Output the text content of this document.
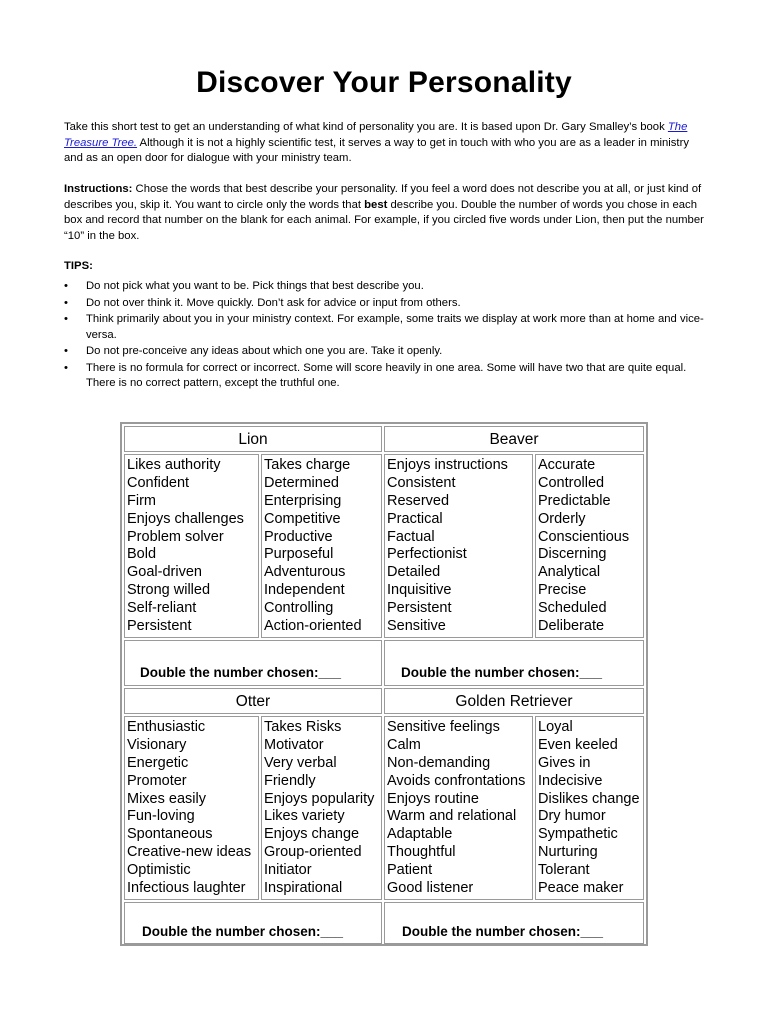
Discover Your Personality
Take this short test to get an understanding of what kind of personality you are. It is based upon Dr. Gary Smalley’s book The Treasure Tree. Although it is not a highly scientific test, it serves a way to get in touch with who you are as a leader in ministry and as an open door for dialogue with your ministry team.
Instructions: Chose the words that best describe your personality. If you feel a word does not describe you at all, or just kind of describes you, skip it. You want to circle only the words that best describe you. Double the number of words you chose in each box and record that number on the blank for each animal. For example, if you circled five words under Lion, then put the number “10” in the box.
TIPS:
• Do not pick what you want to be. Pick things that best describe you.
• Do not over think it. Move quickly. Don’t ask for advice or input from others.
• Think primarily about you in your ministry context. For example, some traits we display at work more than at home and vice-versa.
• Do not pre-conceive any ideas about which one you are. Take it openly.
• There is no formula for correct or incorrect. Some will score heavily in one area. Some will have two that are quite equal. There is no correct pattern, except the truthful one.
Lion
Likes authority
Confident
Firm
Enjoys challenges
Problem solver
Bold
Goal-driven
Strong willed
Self-reliant
Persistent
Takes charge
Determined
Enterprising
Competitive
Productive
Purposeful
Adventurous
Independent
Controlling
Action-oriented
Double the number chosen:___
Beaver
Enjoys instructions
Consistent
Reserved
Practical
Factual
Perfectionist
Detailed
Inquisitive
Persistent
Sensitive
Accurate
Controlled
Predictable
Orderly
Conscientious
Discerning
Analytical
Precise
Scheduled
Deliberate
Double the number chosen:___
Otter
Enthusiastic
Visionary
Energetic
Promoter
Mixes easily
Fun-loving
Spontaneous
Creative-new ideas
Optimistic
Infectious laughter
Takes Risks
Motivator
Very verbal
Friendly
Enjoys popularity
Likes variety
Enjoys change
Group-oriented
Initiator
Inspirational
Double the number chosen:___
Golden Retriever
Sensitive feelings
Calm
Non-demanding
Avoids confrontations
Enjoys routine
Warm and relational
Adaptable
Thoughtful
Patient
Good listener
Loyal
Even keeled
Gives in
Indecisive
Dislikes change
Dry humor
Sympathetic
Nurturing
Tolerant
Peace maker
Double the number chosen:___
